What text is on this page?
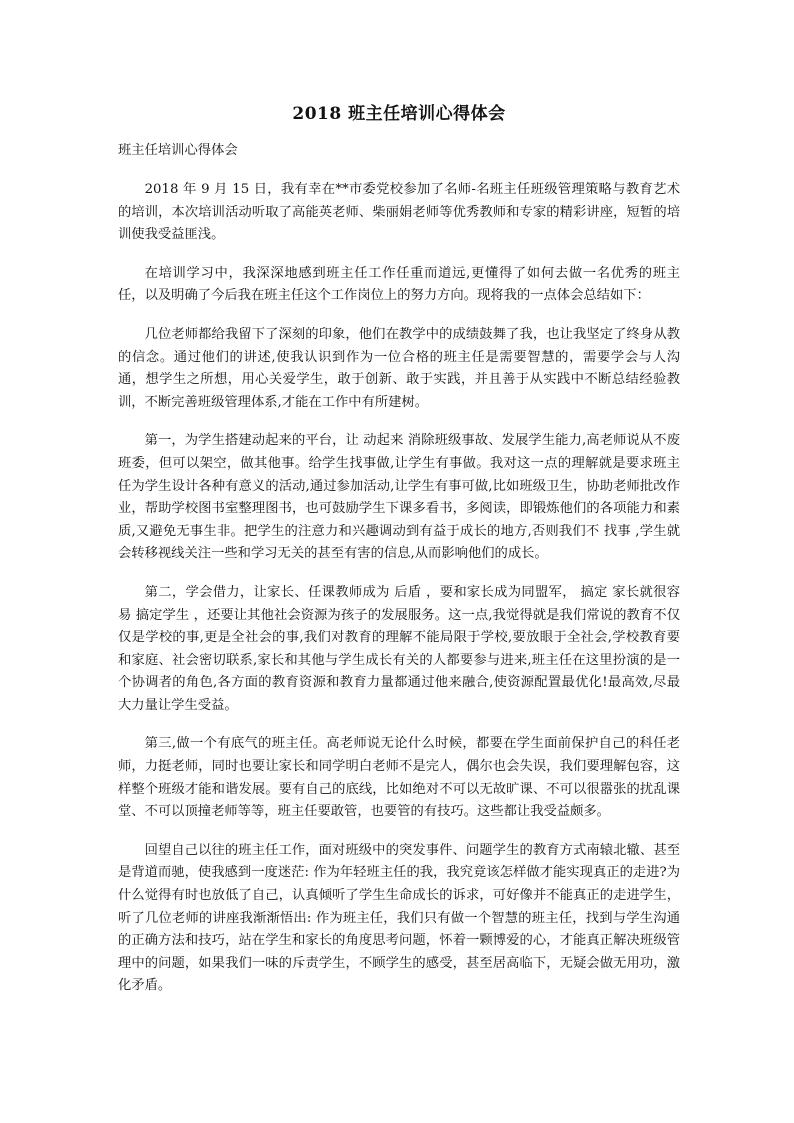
2018 班主任培训心得体会

班主任培训心得体会

2018 年 9 月 15 日，我有幸在**市委党校参加了名师-名班主任班级管理策略与教育艺术的培训，本次培训活动听取了高能英老师、柴丽娟老师等优秀教师和专家的精彩讲座，短暂的培训使我受益匪浅。

在培训学习中，我深深地感到班主任工作任重而道远,更懂得了如何去做一名优秀的班主任，以及明确了今后我在班主任这个工作岗位上的努力方向。现将我的一点体会总结如下：

几位老师都给我留下了深刻的印象，他们在教学中的成绩鼓舞了我，也让我坚定了终身从教的信念。通过他们的讲述,使我认识到作为一位合格的班主任是需要智慧的，需要学会与人沟通，想学生之所想，用心关爱学生，敢于创新、敢于实践，并且善于从实践中不断总结经验教训，不断完善班级管理体系,才能在工作中有所建树。

第一，为学生搭建动起来的平台，让 动起来 消除班级事故、发展学生能力,高老师说从不废班委，但可以架空，做其他事。给学生找事做,让学生有事做。我对这一点的理解就是要求班主任为学生设计各种有意义的活动,通过参加活动,让学生有事可做,比如班级卫生，协助老师批改作业，帮助学校图书室整理图书，也可鼓励学生下课多看书，多阅读，即锻炼他们的各项能力和素质,又避免无事生非。把学生的注意力和兴趣调动到有益于成长的地方,否则我们不 找事 ,学生就会转移视线关注一些和学习无关的甚至有害的信息,从而影响他们的成长。

第二，学会借力，让家长、任课教师成为 后盾 ，要和家长成为同盟军， 搞定 家长就很容易 搞定学生 ，还要让其他社会资源为孩子的发展服务。这一点,我觉得就是我们常说的教育不仅仅是学校的事,更是全社会的事,我们对教育的理解不能局限于学校,要放眼于全社会,学校教育要和家庭、社会密切联系,家长和其他与学生成长有关的人都要参与进来,班主任在这里扮演的是一个协调者的角色,各方面的教育资源和教育力量都通过他来融合,使资源配置最优化!最高效,尽最大力量让学生受益。

第三,做一个有底气的班主任。高老师说无论什么时候，都要在学生面前保护自己的科任老师，力挺老师，同时也要让家长和同学明白老师不是完人，偶尔也会失误，我们要理解包容，这样整个班级才能和谐发展。要有自己的底线，比如绝对不可以无故旷课、不可以很嚣张的扰乱课堂、不可以顶撞老师等等，班主任要敢管，也要管的有技巧。这些都让我受益颇多。

回望自己以往的班主任工作，面对班级中的突发事件、问题学生的教育方式南辕北辙、甚至是背道而驰，使我感到一度迷茫: 作为年轻班主任的我，我究竟该怎样做才能实现真正的走进?为什么觉得有时也放低了自己，认真倾听了学生生命成长的诉求，可好像并不能真正的走进学生，听了几位老师的讲座我渐渐悟出: 作为班主任，我们只有做一个智慧的班主任，找到与学生沟通的正确方法和技巧，站在学生和家长的角度思考问题，怀着一颗博爱的心，才能真正解决班级管理中的问题，如果我们一味的斥责学生，不顾学生的感受，甚至居高临下，无疑会做无用功，激化矛盾。
